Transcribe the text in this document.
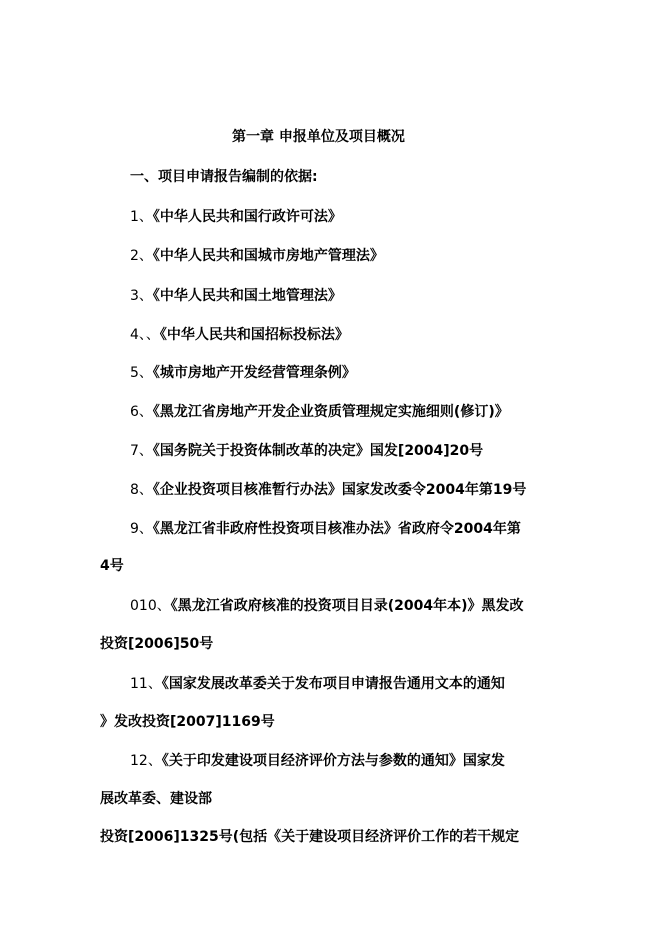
第一章 申报单位及项目概况
一、项目申请报告编制的依据:
1、《中华人民共和国行政许可法》
2、《中华人民共和国城市房地产管理法》
3、《中华人民共和国土地管理法》
4、、《中华人民共和国招标投标法》
5、《城市房地产开发经营管理条例》
6、《黑龙江省房地产开发企业资质管理规定实施细则(修订)》
7、《国务院关于投资体制改革的决定》国发[2004]20号
8、《企业投资项目核准暂行办法》国家发改委令2004年第19号
9、《黑龙江省非政府性投资项目核准办法》省政府令2004年第
4号
010、《黑龙江省政府核准的投资项目目录(2004年本)》黑发改
投资[2006]50号
11、《国家发展改革委关于发布项目申请报告通用文本的通知
》发改投资[2007]1169号
12、《关于印发建设项目经济评价方法与参数的通知》国家发
展改革委、建设部
投资[2006]1325号(包括《关于建设项目经济评价工作的若干规定
